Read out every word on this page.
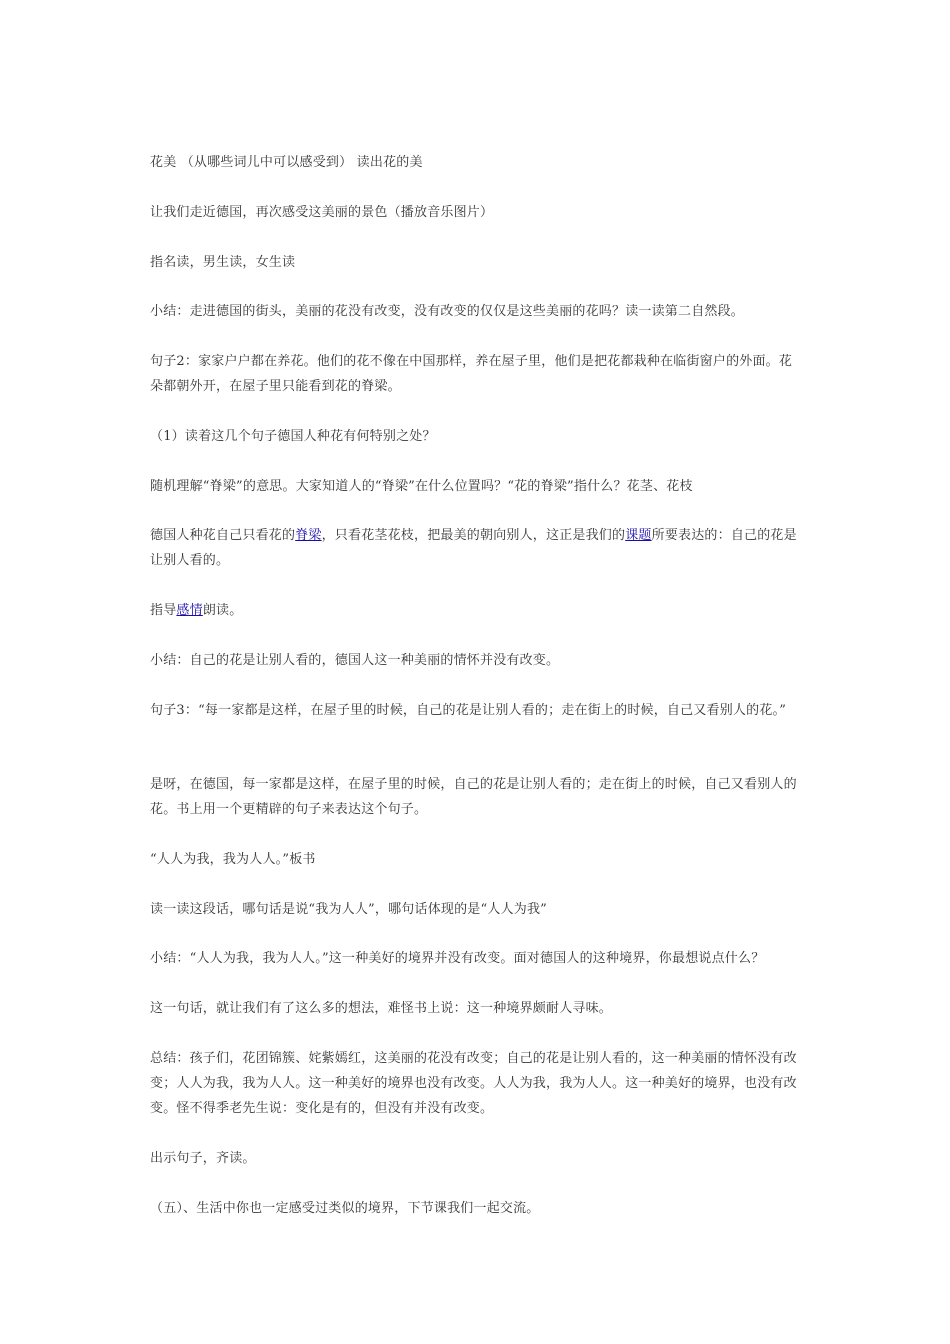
花美 （从哪些词儿中可以感受到） 读出花的美

让我们走近德国，再次感受这美丽的景色（播放音乐图片）

指名读，男生读，女生读

小结：走进德国的街头，美丽的花没有改变，没有改变的仅仅是这些美丽的花吗？读一读第二自然段。

句子2：家家户户都在养花。他们的花不像在中国那样，养在屋子里，他们是把花都栽种在临街窗户的外面。花朵都朝外开，在屋子里只能看到花的脊梁。

（1）读着这几个句子德国人种花有何特别之处？

随机理解“脊梁”的意思。大家知道人的“脊梁”在什么位置吗？“花的脊梁”指什么？花茎、花枝

德国人种花自己只看花的脊梁，只看花茎花枝，把最美的朝向别人，这正是我们的课题所要表达的：自己的花是让别人看的。

指导感情朗读。

小结：自己的花是让别人看的，德国人这一种美丽的情怀并没有改变。

句子3：“每一家都是这样，在屋子里的时候，自己的花是让别人看的；走在街上的时候，自己又看别人的花。”

是呀，在德国，每一家都是这样，在屋子里的时候，自己的花是让别人看的；走在街上的时候，自己又看别人的花。书上用一个更精辟的句子来表达这个句子。

“人人为我，我为人人。”板书

读一读这段话，哪句话是说“我为人人”，哪句话体现的是“人人为我”

小结：“人人为我，我为人人。”这一种美好的境界并没有改变。面对德国人的这种境界，你最想说点什么？

这一句话，就让我们有了这么多的想法，难怪书上说：这一种境界颇耐人寻味。

总结：孩子们，花团锦簇、姹紫嫣红，这美丽的花没有改变；自己的花是让别人看的，这一种美丽的情怀没有改变；人人为我，我为人人。这一种美好的境界也没有改变。人人为我，我为人人。这一种美好的境界，也没有改变。怪不得季老先生说：变化是有的，但没有并没有改变。

出示句子，齐读。

（五）、生活中你也一定感受过类似的境界，下节课我们一起交流。
